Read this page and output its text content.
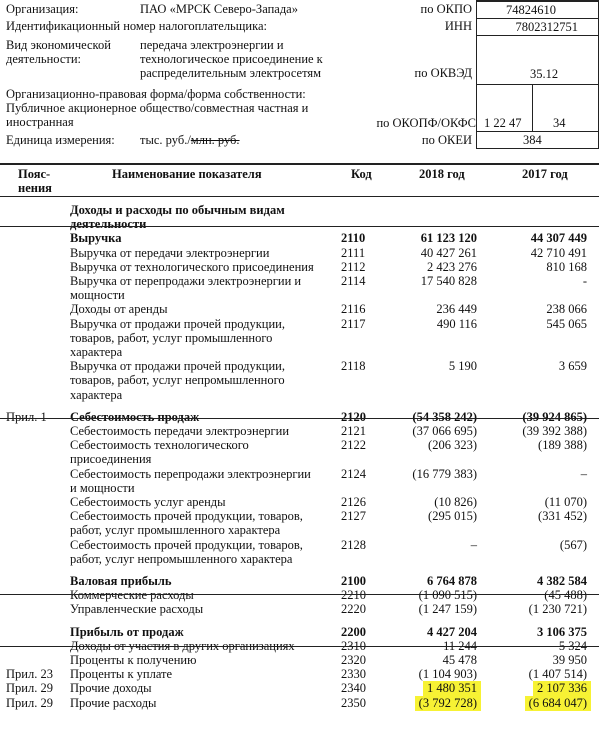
Организация:	ПАО «МРСК Северо-Запада»	по ОКПО	74824610
Идентификационный номер налогоплательщика:	ИНН	7802312751
Вид экономической
деятельности:
передача электроэнергии и
технологическое присоединение к
распределительным электросетям	по ОКВЭД	35.12
Организационно-правовая форма/форма собственности:
Публичное акционерное общество/совместная частная и
иностранная	по ОКОПФ/ОКФС 1 22 47	34
Единица измерения: тыс. руб./млн. руб.	по ОКЕИ	384
Пояс-нения
Наименование показателя	Код	2018 год	2017 год
Доходы и расходы по обычным видам
деятельности
Выручка	2110	61 123 120	44 307 449
Выручка от передачи электроэнергии	2111	40 427 261	42 710 491
Выручка от технологического присоединения 2112	2 423 276	810 168
Выручка от перепродажи электроэнергии и
мощности
2114	17 540 828	-
Доходы от аренды	2116	236 449	238 066
Выручка от продажи прочей продукции,
товаров, работ, услуг промышленного
характера
2117	490 116	545 065
Выручка от продажи прочей продукции,
товаров, работ, услуг непромышленного
характера
2118	5 190	3 659
Прил. 1 Себестоимость продаж	2120	(54 358 242)	(39 924 865)
Себестоимость передачи электроэнергии	2121	(37 066 695)	(39 392 388)
Себестоимость технологического
присоединения
2122	(206 323)	(189 388)
Себестоимость перепродажи электроэнергии
и мощности
2124	(16 779 383)	–
Себестоимость услуг аренды	2126	(10 826)	(11 070)
Себестоимость прочей продукции, товаров,
работ, услуг промышленного характера
2127	(295 015)	(331 452)
Себестоимость прочей продукции, товаров,
работ, услуг непромышленного характера
2128	–	(567)
Валовая прибыль	2100	6 764 878	4 382 584
Коммерческие расходы	2210	(1 090 515)	(45 488)
Управленческие расходы	2220	(1 247 159)	(1 230 721)
Прибыль от продаж	2200	4 427 204	3 106 375
Доходы от участия в других организациях	2310	11 244	5 324
Проценты к получению	2320	45 478	39 950
Прил. 23 Проценты к уплате	2330	(1 104 903)	(1 407 514)
Прил. 29 Прочие доходы	2340	1 480 351	2 107 336
Прил. 29 Прочие расходы	2350	(3 792 728)	(6 684 047)
